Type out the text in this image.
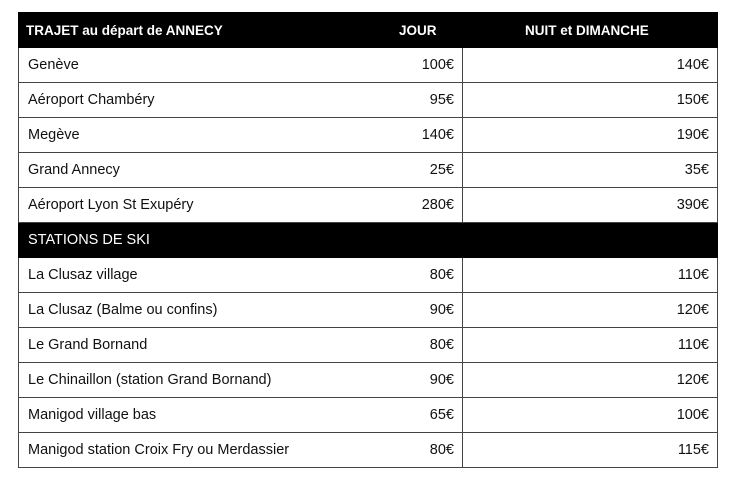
TRAJET au départ de ANNECY	JOUR	NUIT et DIMANCHE
Genève	100€	140€
Aéroport Chambéry	95€	150€
Megève	140€	190€
Grand Annecy	25€	35€
Aéroport Lyon St Exupéry	280€	390€
STATIONS DE SKI		
La Clusaz village	80€	110€
La Clusaz (Balme ou confins)	90€	120€
Le Grand Bornand	80€	110€
Le Chinaillon (station Grand Bornand)	90€	120€
Manigod village bas	65€	100€
Manigod station Croix Fry ou Merdassier	80€	115€
